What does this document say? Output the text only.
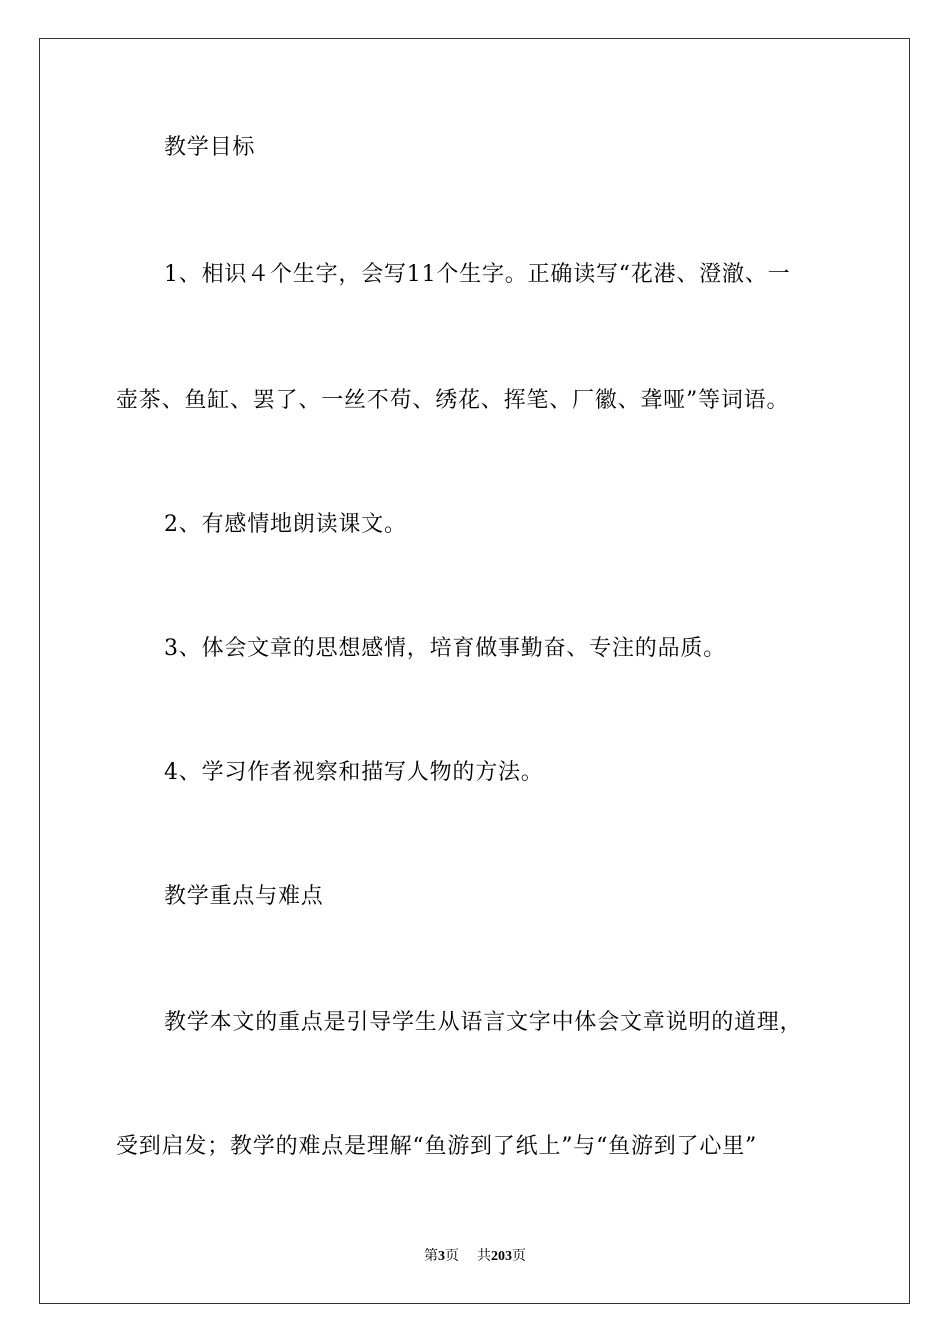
教学目标
1、相识４个生字，会写11个生字。正确读写“花港、澄澈、一
壶茶、鱼缸、罢了、一丝不苟、绣花、挥笔、厂徽、聋哑”等词语。
2、有感情地朗读课文。
3、体会文章的思想感情，培育做事勤奋、专注的品质。
4、学习作者视察和描写人物的方法。
教学重点与难点
教学本文的重点是引导学生从语言文字中体会文章说明的道理，
受到启发；教学的难点是理解“鱼游到了纸上”与“鱼游到了心里”
第3页 共203页
